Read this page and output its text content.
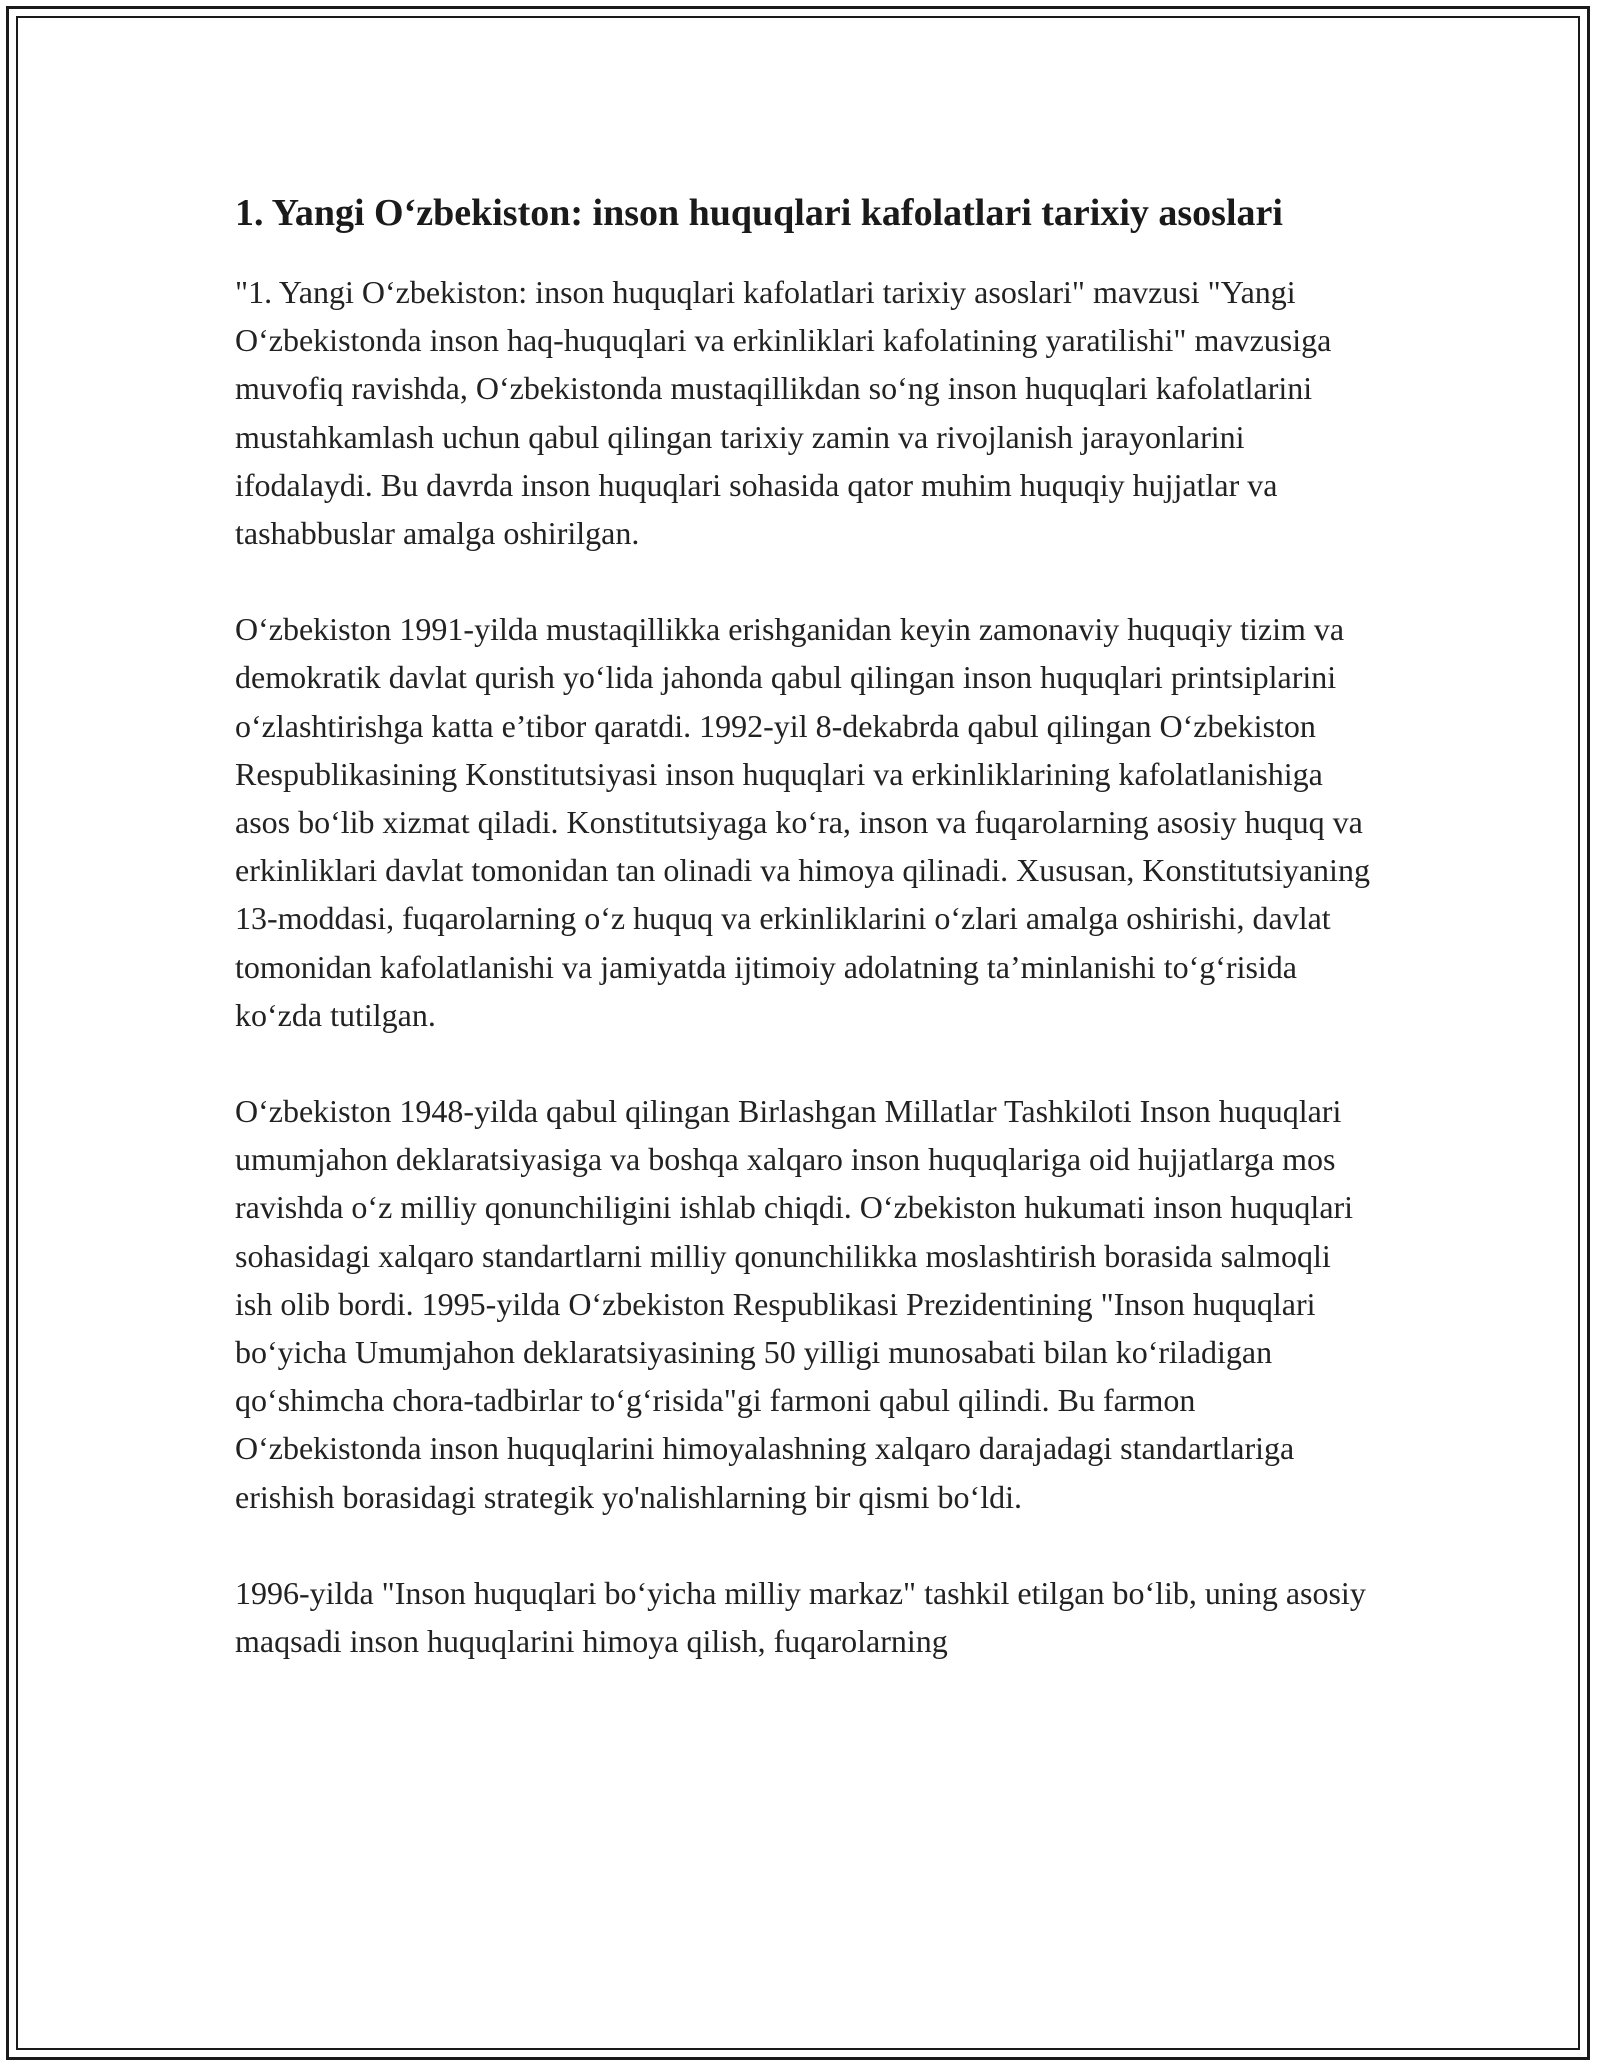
1. Yangi O‘zbekiston: inson huquqlari kafolatlari tarixiy asoslari

"1. Yangi O‘zbekiston: inson huquqlari kafolatlari tarixiy asoslari" mavzusi "Yangi O‘zbekistonda inson haq-huquqlari va erkinliklari kafolatining yaratilishi" mavzusiga muvofiq ravishda, O‘zbekistonda mustaqillikdan so‘ng inson huquqlari kafolatlarini mustahkamlash uchun qabul qilingan tarixiy zamin va rivojlanish jarayonlarini ifodalaydi. Bu davrda inson huquqlari sohasida qator muhim huquqiy hujjatlar va tashabbuslar amalga oshirilgan.

O‘zbekiston 1991-yilda mustaqillikka erishganidan keyin zamonaviy huquqiy tizim va demokratik davlat qurish yo‘lida jahonda qabul qilingan inson huquqlari printsiplarini o‘zlashtirishga katta e’tibor qaratdi. 1992-yil 8-dekabrda qabul qilingan O‘zbekiston Respublikasining Konstitutsiyasi inson huquqlari va erkinliklarining kafolatlanishiga asos bo‘lib xizmat qiladi. Konstitutsiyaga ko‘ra, inson va fuqarolarning asosiy huquq va erkinliklari davlat tomonidan tan olinadi va himoya qilinadi. Xususan, Konstitutsiyaning 13-moddasi, fuqarolarning o‘z huquq va erkinliklarini o‘zlari amalga oshirishi, davlat tomonidan kafolatlanishi va jamiyatda ijtimoiy adolatning ta’minlanishi to‘g‘risida ko‘zda tutilgan.

O‘zbekiston 1948-yilda qabul qilingan Birlashgan Millatlar Tashkiloti Inson huquqlari umumjahon deklaratsiyasiga va boshqa xalqaro inson huquqlariga oid hujjatlarga mos ravishda o‘z milliy qonunchiligini ishlab chiqdi. O‘zbekiston hukumati inson huquqlari sohasidagi xalqaro standartlarni milliy qonunchilikka moslashtirish borasida salmoqli ish olib bordi. 1995-yilda O‘zbekiston Respublikasi Prezidentining "Inson huquqlari bo‘yicha Umumjahon deklaratsiyasining 50 yilligi munosabati bilan ko‘riladigan qo‘shimcha chora-tadbirlar to‘g‘risida"gi farmoni qabul qilindi. Bu farmon O‘zbekistonda inson huquqlarini himoyalashning xalqaro darajadagi standartlariga erishish borasidagi strategik yo'nalishlarning bir qismi bo‘ldi.

1996-yilda "Inson huquqlari bo‘yicha milliy markaz" tashkil etilgan bo‘lib, uning asosiy maqsadi inson huquqlarini himoya qilish, fuqarolarning
